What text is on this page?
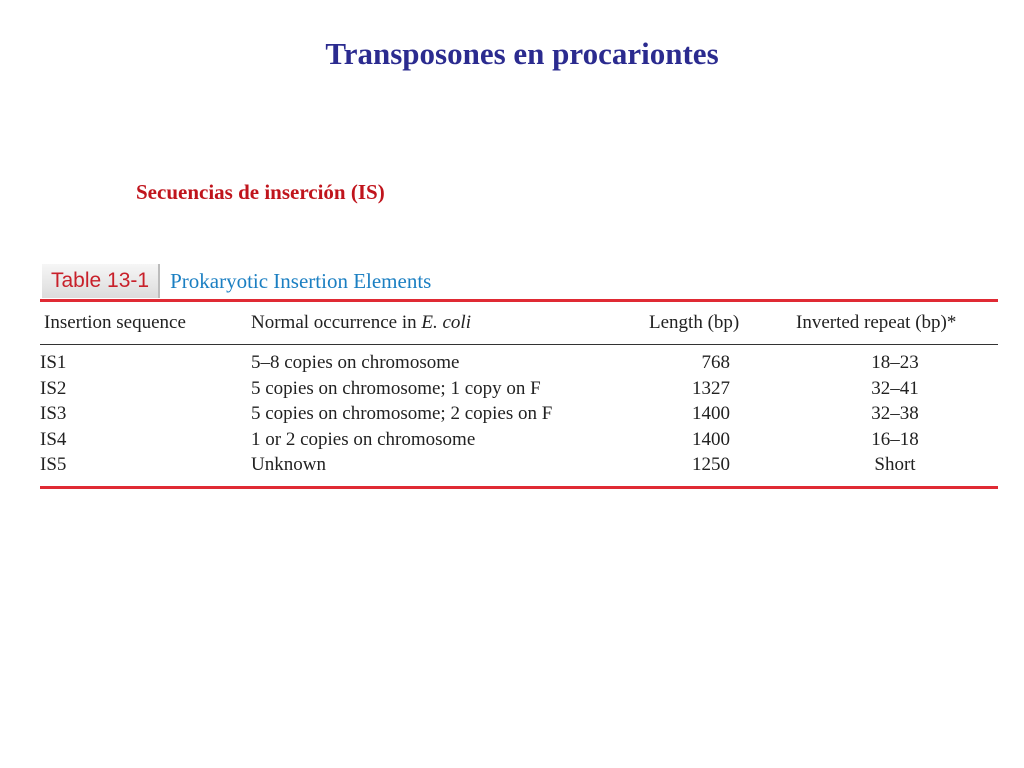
Transposones en procariontes
Secuencias de inserción (IS)
Table 13-1	Prokaryotic Insertion Elements
Insertion sequence	Normal occurrence in E. coli	Length (bp)	Inverted repeat (bp)*
IS1	5–8 copies on chromosome	768	18–23
IS2	5 copies on chromosome; 1 copy on F	1327	32–41
IS3	5 copies on chromosome; 2 copies on F	1400	32–38
IS4	1 or 2 copies on chromosome	1400	16–18
IS5	Unknown	1250	Short
